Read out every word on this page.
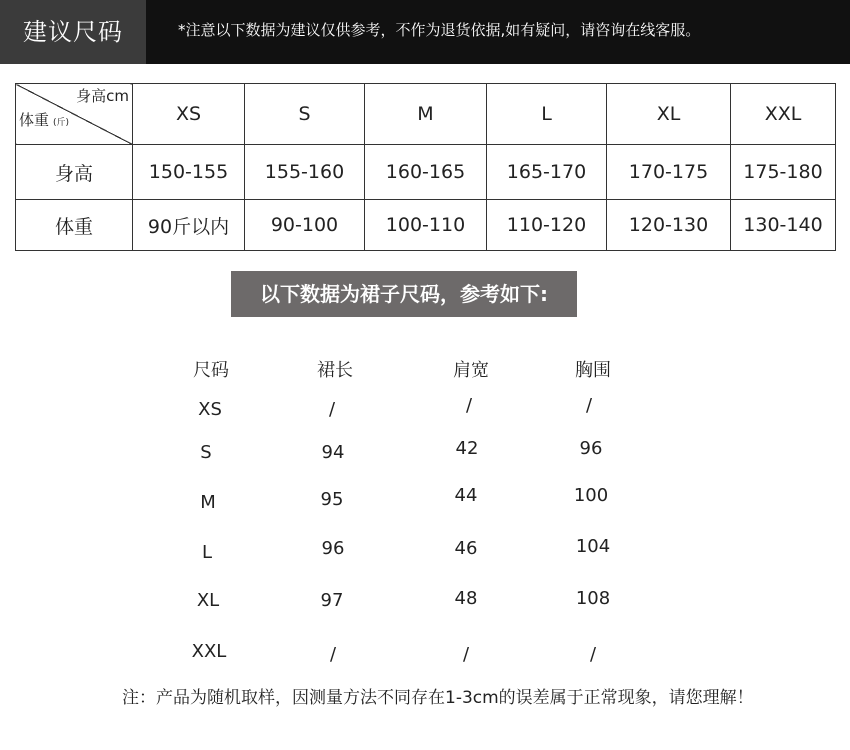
建议尺码	*注意以下数据为建议仅供参考，不作为退货依据,如有疑问，请咨询在线客服。
身高cm
体重 (斤)	XS	S	M	L	XL	XXL
身高	150-155	155-160	160-165	165-170	170-175	175-180
体重	90斤以内	90-100	100-110	110-120	120-130	130-140
以下数据为裙子尺码，参考如下:
尺码	裙长	肩宽	胸围
XS	/	/	/
S	94	42	96
M	95	44	100
L	96	46	104
XL	97	48	108
XXL	/	/	/
注：产品为随机取样，因测量方法不同存在1-3cm的误差属于正常现象，请您理解！
